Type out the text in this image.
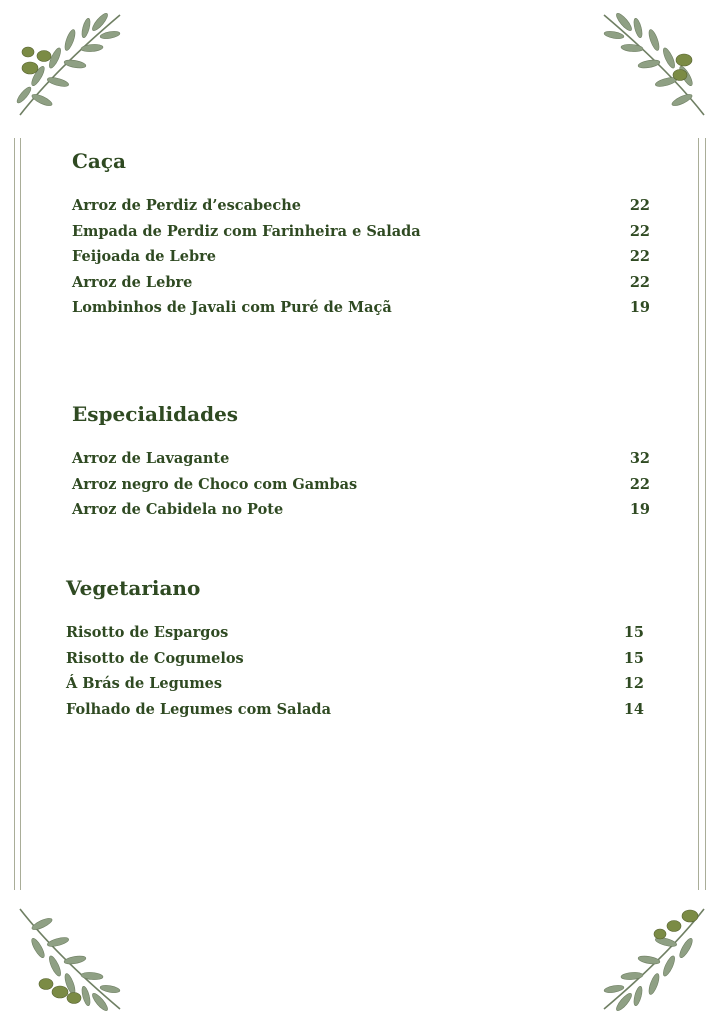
Caça
Arroz de Perdiz d’escabeche	22
Empada de Perdiz com Farinheira e Salada	22
Feijoada de Lebre	22
Arroz de Lebre	22
Lombinhos de Javali com Puré de Maçã	19
Especialidades
Arroz de Lavagante	32
Arroz negro de Choco com Gambas	22
Arroz de Cabidela no Pote	19
Vegetariano
Risotto de Espargos	15
Risotto de Cogumelos	15
Á Brás de Legumes	12
Folhado de Legumes com Salada	14
